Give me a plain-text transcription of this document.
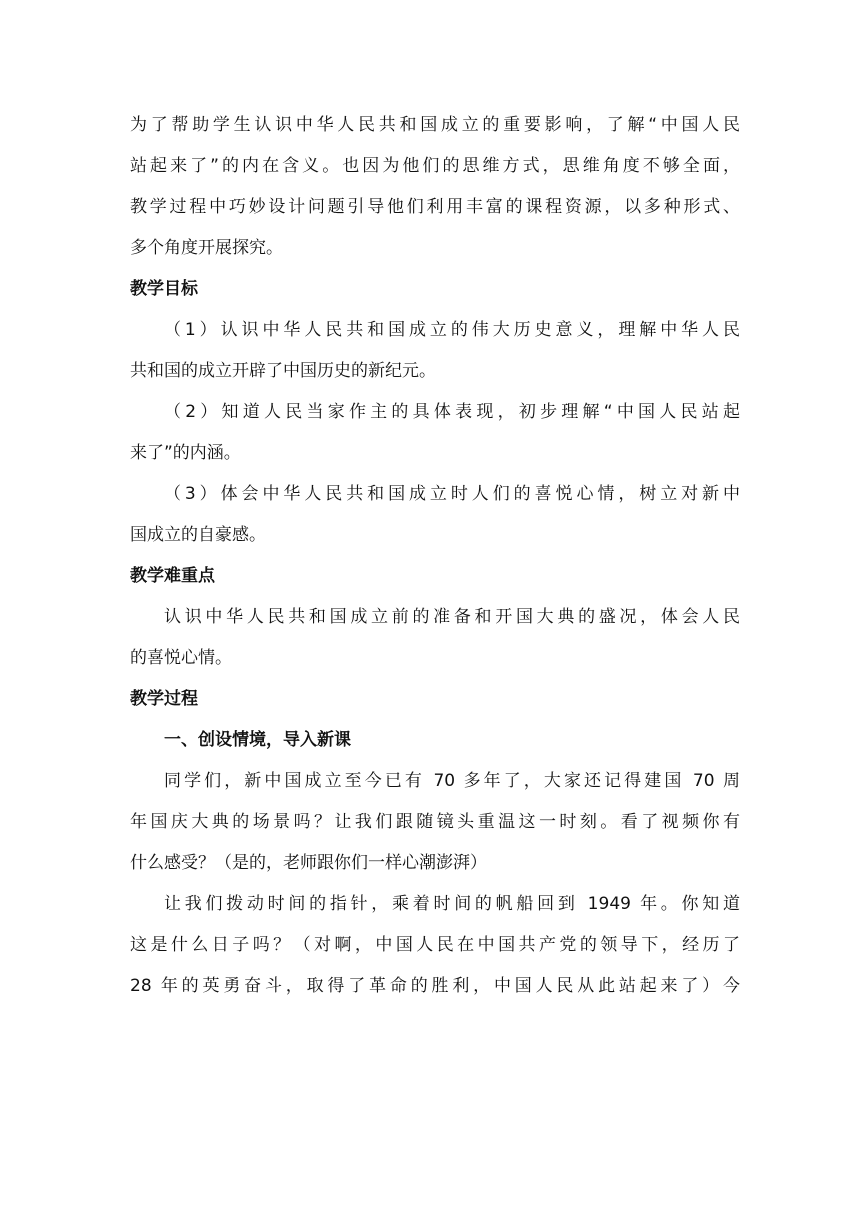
为了帮助学生认识中华人民共和国成立的重要影响，了解“中国人民
站起来了”的内在含义。也因为他们的思维方式，思维角度不够全面，
教学过程中巧妙设计问题引导他们利用丰富的课程资源，以多种形式、
多个角度开展探究。
教学目标
（1）认识中华人民共和国成立的伟大历史意义，理解中华人民
共和国的成立开辟了中国历史的新纪元。
（2）知道人民当家作主的具体表现，初步理解“中国人民站起
来了”的内涵。
（3）体会中华人民共和国成立时人们的喜悦心情，树立对新中
国成立的自豪感。
教学难重点
认识中华人民共和国成立前的准备和开国大典的盛况，体会人民
的喜悦心情。
教学过程
一、创设情境，导入新课
同学们，新中国成立至今已有 70 多年了，大家还记得建国 70 周
年国庆大典的场景吗？让我们跟随镜头重温这一时刻。看了视频你有
什么感受？（是的，老师跟你们一样心潮澎湃）
让我们拨动时间的指针，乘着时间的帆船回到 1949 年。你知道
这是什么日子吗？（对啊，中国人民在中国共产党的领导下，经历了
28 年的英勇奋斗，取得了革命的胜利，中国人民从此站起来了）今
